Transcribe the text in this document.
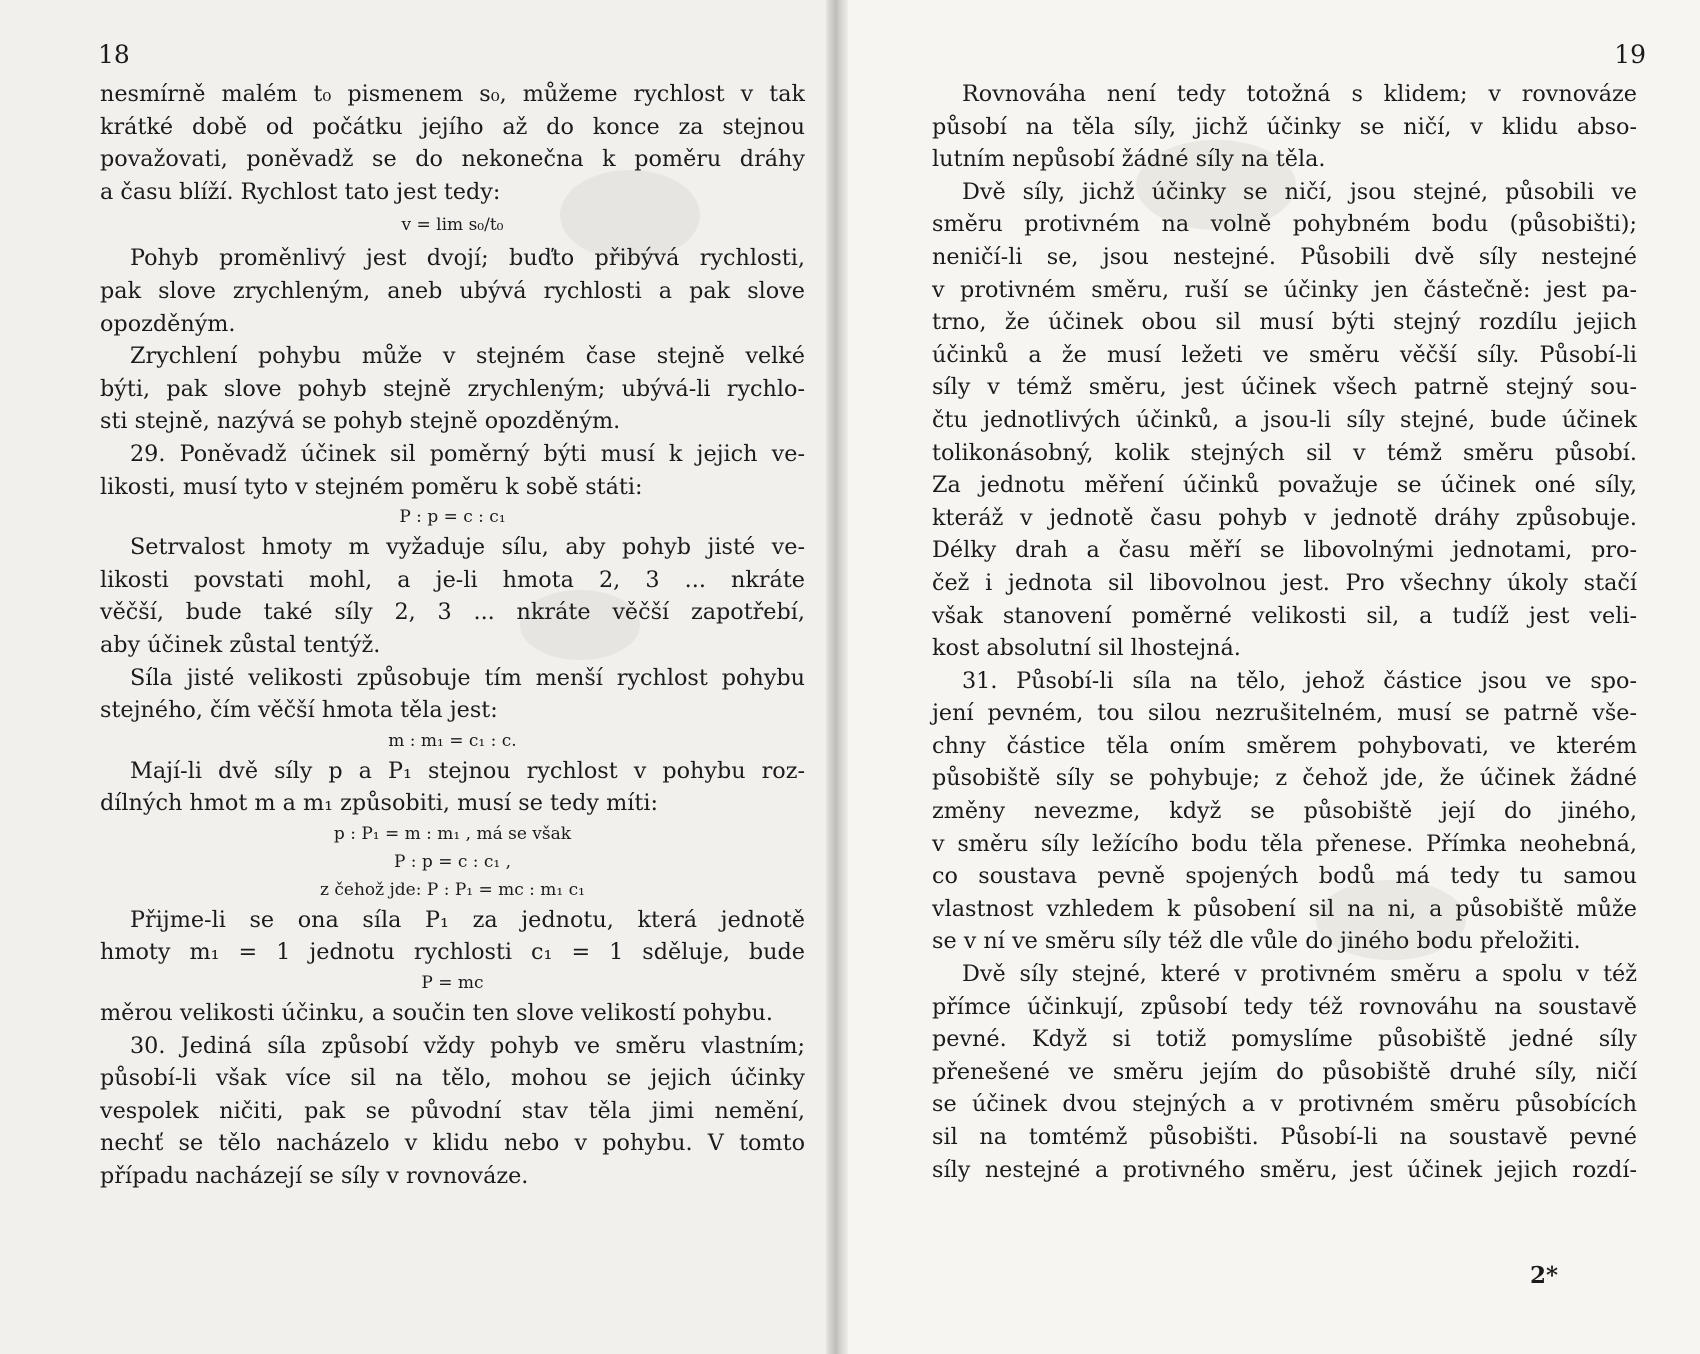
18
nesmírně malém t₀ pismenem s₀, můžeme rychlost v tak
krátké době od počátku jejího až do konce za stejnou
považovati, poněvadž se do nekonečna k poměru dráhy
a času blíží. Rychlost tato jest tedy:
v = lim s₀/t₀
Pohyb proměnlivý jest dvojí; buďto přibývá rychlosti,
pak slove zrychleným, aneb ubývá rychlosti a pak slove
opozděným.
Zrychlení pohybu může v stejném čase stejně velké
býti, pak slove pohyb stejně zrychleným; ubývá-li rychlo-
sti stejně, nazývá se pohyb stejně opozděným.
29. Poněvadž účinek sil poměrný býti musí k jejich ve-
likosti, musí tyto v stejném poměru k sobě státi:
P : p = c : c₁
Setrvalost hmoty m vyžaduje sílu, aby pohyb jisté ve-
likosti povstati mohl, a je-li hmota 2, 3 ... nkráte
věčší, bude také síly 2, 3 ... nkráte věčší zapotřebí,
aby účinek zůstal tentýž.
Síla jisté velikosti způsobuje tím menší rychlost pohybu
stejného, čím věčší hmota těla jest:
m : m₁ = c₁ : c.
Mají-li dvě síly p a P₁ stejnou rychlost v pohybu roz-
dílných hmot m a m₁ způsobiti, musí se tedy míti:
p : P₁ = m : m₁ , má se však
P : p = c : c₁ ,
z čehož jde: P : P₁ = mc : m₁ c₁
Přijme-li se ona síla P₁ za jednotu, která jednotě
hmoty m₁ = 1 jednotu rychlosti c₁ = 1 sděluje, bude
P = mc
měrou velikosti účinku, a součin ten slove velikostí pohybu.
30. Jediná síla způsobí vždy pohyb ve směru vlastním;
působí-li však více sil na tělo, mohou se jejich účinky
vespolek ničiti, pak se původní stav těla jimi nemění,
nechť se tělo nacházelo v klidu nebo v pohybu. V tomto
případu nacházejí se síly v rovnováze.
19
Rovnováha není tedy totožná s klidem; v rovnováze
působí na těla síly, jichž účinky se ničí, v klidu abso-
lutním nepůsobí žádné síly na těla.
Dvě síly, jichž účinky se ničí, jsou stejné, působili ve
směru protivném na volně pohybném bodu (působišti);
neničí-li se, jsou nestejné. Působili dvě síly nestejné
v protivném směru, ruší se účinky jen částečně: jest pa-
trno, že účinek obou sil musí býti stejný rozdílu jejich
účinků a že musí ležeti ve směru věčší síly. Působí-li
síly v témž směru, jest účinek všech patrně stejný sou-
čtu jednotlivých účinků, a jsou-li síly stejné, bude účinek
tolikonásobný, kolik stejných sil v témž směru působí.
Za jednotu měření účinků považuje se účinek oné síly,
kteráž v jednotě času pohyb v jednotě dráhy způsobuje.
Délky drah a času měří se libovolnými jednotami, pro-
čež i jednota sil libovolnou jest. Pro všechny úkoly stačí
však stanovení poměrné velikosti sil, a tudíž jest veli-
kost absolutní sil lhostejná.
31. Působí-li síla na tělo, jehož částice jsou ve spo-
jení pevném, tou silou nezrušitelném, musí se patrně vše-
chny částice těla oním směrem pohybovati, ve kterém
působiště síly se pohybuje; z čehož jde, že účinek žádné
změny nevezme, když se působiště její do jiného,
v směru síly ležícího bodu těla přenese. Přímka neohebná,
co soustava pevně spojených bodů má tedy tu samou
vlastnost vzhledem k působení sil na ni, a působiště může
se v ní ve směru síly též dle vůle do jiného bodu přeložiti.
Dvě síly stejné, které v protivném směru a spolu v též
přímce účinkují, způsobí tedy též rovnováhu na soustavě
pevné. Když si totiž pomyslíme působiště jedné síly
přenešené ve směru jejím do působiště druhé síly, ničí
se účinek dvou stejných a v protivném směru působících
sil na tomtémž působišti. Působí-li na soustavě pevné
síly nestejné a protivného směru, jest účinek jejich rozdí-
2*
